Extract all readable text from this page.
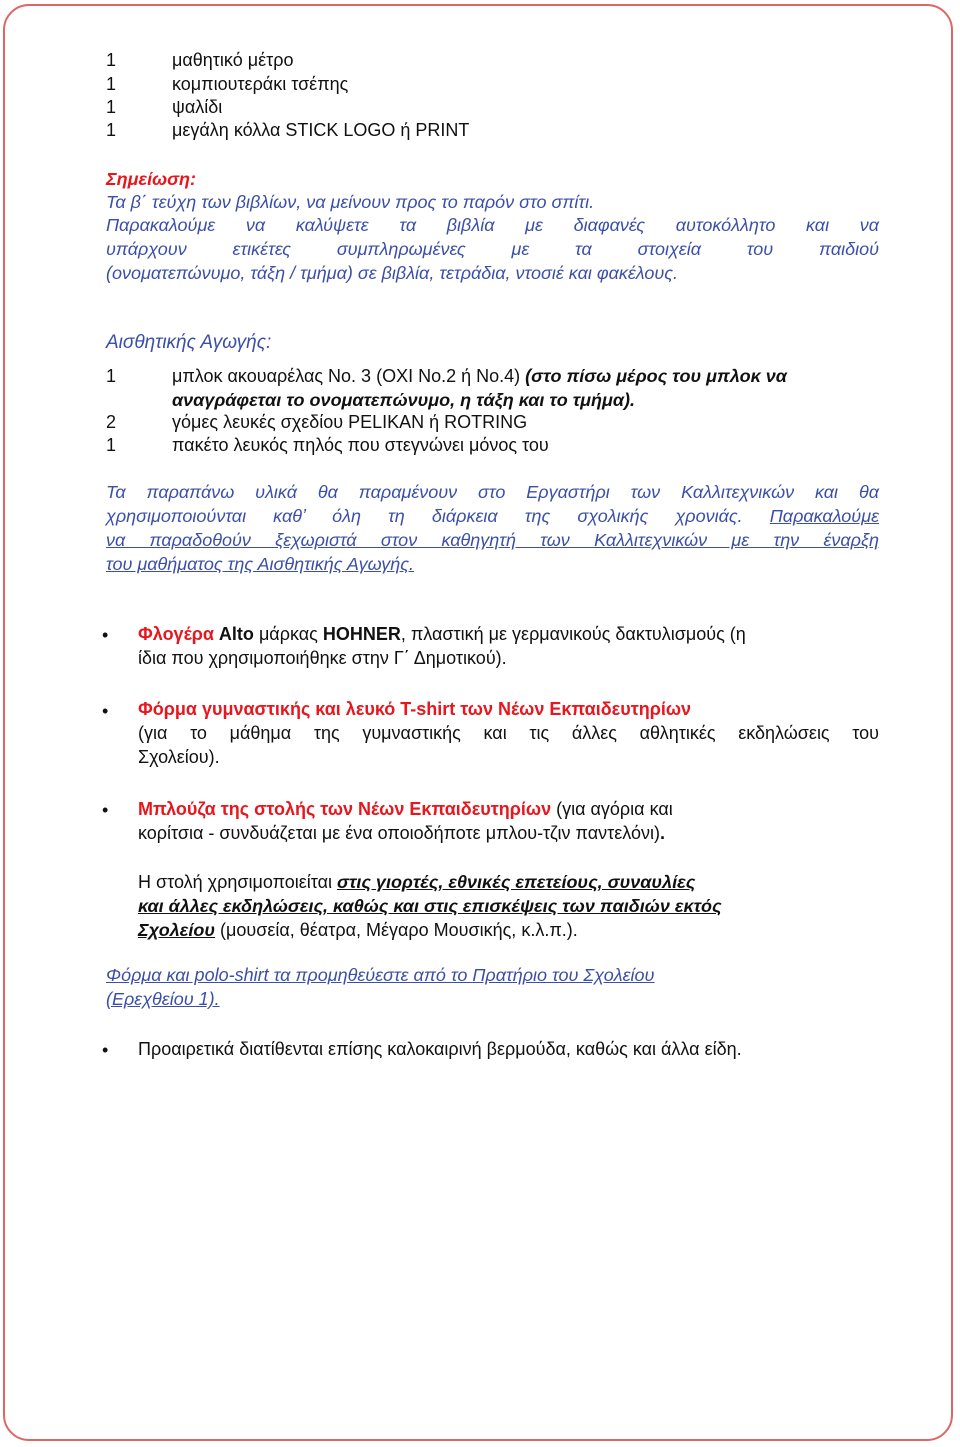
1	μαθητικό μέτρο
1	κομπιουτεράκι τσέπης
1	ψαλίδι
1	μεγάλη κόλλα STICK LOGO ή PRINT
Σημείωση:
Τα β΄ τεύχη των βιβλίων, να μείνουν προς το παρόν στο σπίτι.
Παρακαλούμε να καλύψετε τα βιβλία με διαφανές αυτοκόλλητο και να
υπάρχουν ετικέτες συμπληρωμένες με τα στοιχεία του παιδιού
(ονοματεπώνυμο, τάξη / τμήμα) σε βιβλία, τετράδια, ντοσιέ και φακέλους.
Αισθητικής Αγωγής:
1	μπλοκ ακουαρέλας No. 3 (ΟΧΙ No.2 ή No.4) (στο πίσω μέρος του μπλοκ να
αναγράφεται το ονοματεπώνυμο, η τάξη και το τμήμα).
2	γόμες λευκές σχεδίου PELIKAN ή ROTRING
1	πακέτο λευκός πηλός που στεγνώνει μόνος του
Τα παραπάνω υλικά θα παραμένουν στο Εργαστήρι των Καλλιτεχνικών και θα
χρησιμοποιούνται καθ’ όλη τη διάρκεια της σχολικής χρονιάς. Παρακαλούμε
να παραδοθούν ξεχωριστά στον καθηγητή των Καλλιτεχνικών με την έναρξη
του μαθήματος της Αισθητικής Αγωγής.
• Φλογέρα Alto μάρκας HOHNER, πλαστική με γερμανικούς δακτυλισμούς (η
ίδια που χρησιμοποιήθηκε στην Γ΄ Δημοτικού).
• Φόρμα γυμναστικής και λευκό T-shirt των Νέων Εκπαιδευτηρίων
(για το μάθημα της γυμναστικής και τις άλλες αθλητικές εκδηλώσεις του
Σχολείου).
• Μπλούζα της στολής των Νέων Εκπαιδευτηρίων (για αγόρια και
κορίτσια - συνδυάζεται με ένα οποιοδήποτε μπλου-τζιν παντελόνι).
Η στολή χρησιμοποιείται στις γιορτές, εθνικές επετείους, συναυλίες
και άλλες εκδηλώσεις, καθώς και στις επισκέψεις των παιδιών εκτός
Σχολείου (μουσεία, θέατρα, Μέγαρο Μουσικής, κ.λ.π.).
Φόρμα και polo-shirt τα προμηθεύεστε από το Πρατήριο του Σχολείου
(Ερεχθείου 1).
• Προαιρετικά διατίθενται επίσης καλοκαιρινή βερμούδα, καθώς και άλλα είδη.
